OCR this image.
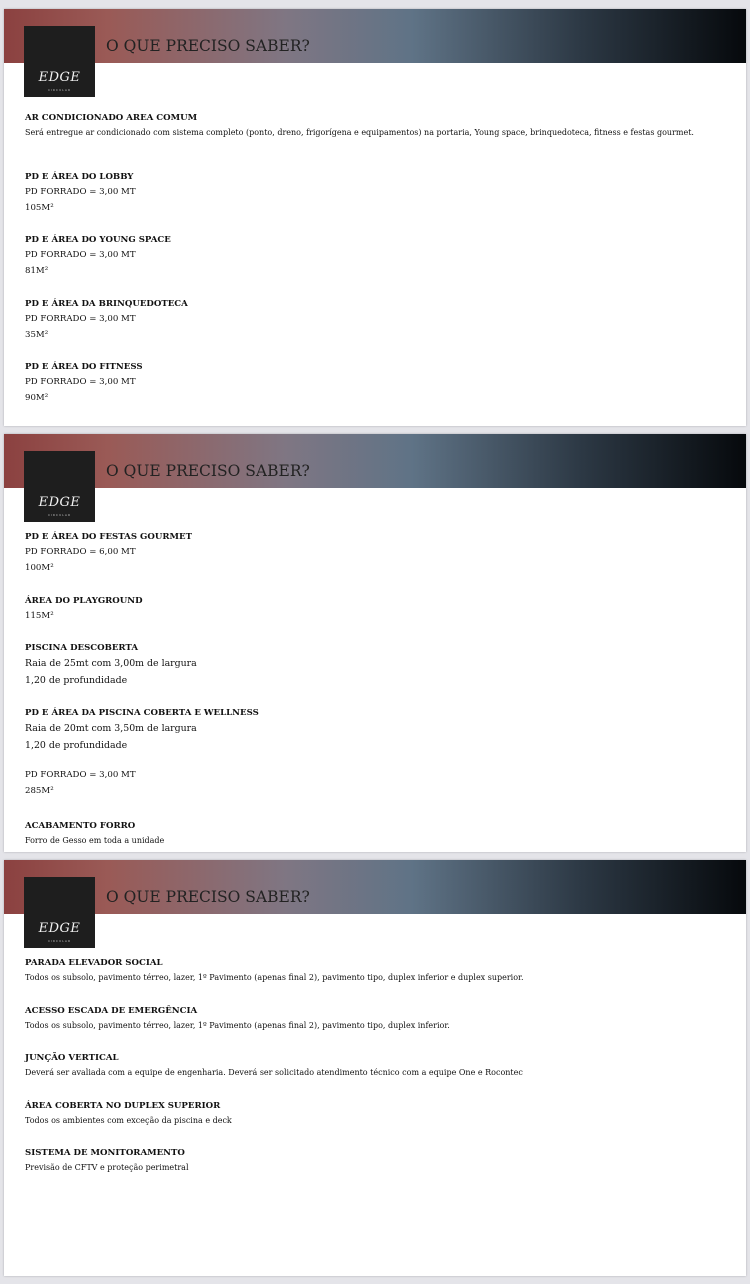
O QUE PRECISO SABER?
EDGE
CIRCULAR
AR CONDICIONADO AREA COMUM
Será entregue ar condicionado com sistema completo (ponto, dreno, frigorígena e equipamentos) na portaria, Young space, brinquedoteca, fitness e festas gourmet.
PD E ÁREA DO LOBBY
PD FORRADO = 3,00 MT
105M²
PD E ÁREA DO YOUNG SPACE
PD FORRADO = 3,00 MT
81M²
PD E ÁREA DA BRINQUEDOTECA
PD FORRADO = 3,00 MT
35M²
PD E ÁREA DO FITNESS
PD FORRADO = 3,00 MT
90M²
O QUE PRECISO SABER?
EDGE
CIRCULAR
PD E ÁREA DO FESTAS GOURMET
PD FORRADO = 6,00 MT
100M²
ÁREA DO PLAYGROUND
115M²
PISCINA DESCOBERTA
Raia de 25mt com 3,00m de largura
1,20 de profundidade
PD E ÁREA DA PISCINA COBERTA E WELLNESS
Raia de 20mt com 3,50m de largura
1,20 de profundidade
PD FORRADO = 3,00 MT
285M²
ACABAMENTO FORRO
Forro de Gesso em toda a unidade
O QUE PRECISO SABER?
EDGE
CIRCULAR
PARADA ELEVADOR SOCIAL
Todos os subsolo, pavimento térreo, lazer, 1º Pavimento (apenas final 2), pavimento tipo, duplex inferior e duplex superior.
ACESSO ESCADA DE EMERGÊNCIA
Todos os subsolo, pavimento térreo, lazer, 1º Pavimento (apenas final 2), pavimento tipo, duplex inferior.
JUNÇÃO VERTICAL
Deverá ser avaliada com a equipe de engenharia. Deverá ser solicitado atendimento técnico com a equipe One e Rocontec
ÁREA COBERTA NO DUPLEX SUPERIOR
Todos os ambientes com exceção da piscina e deck
SISTEMA DE MONITORAMENTO
Previsão de CFTV e proteção perimetral
